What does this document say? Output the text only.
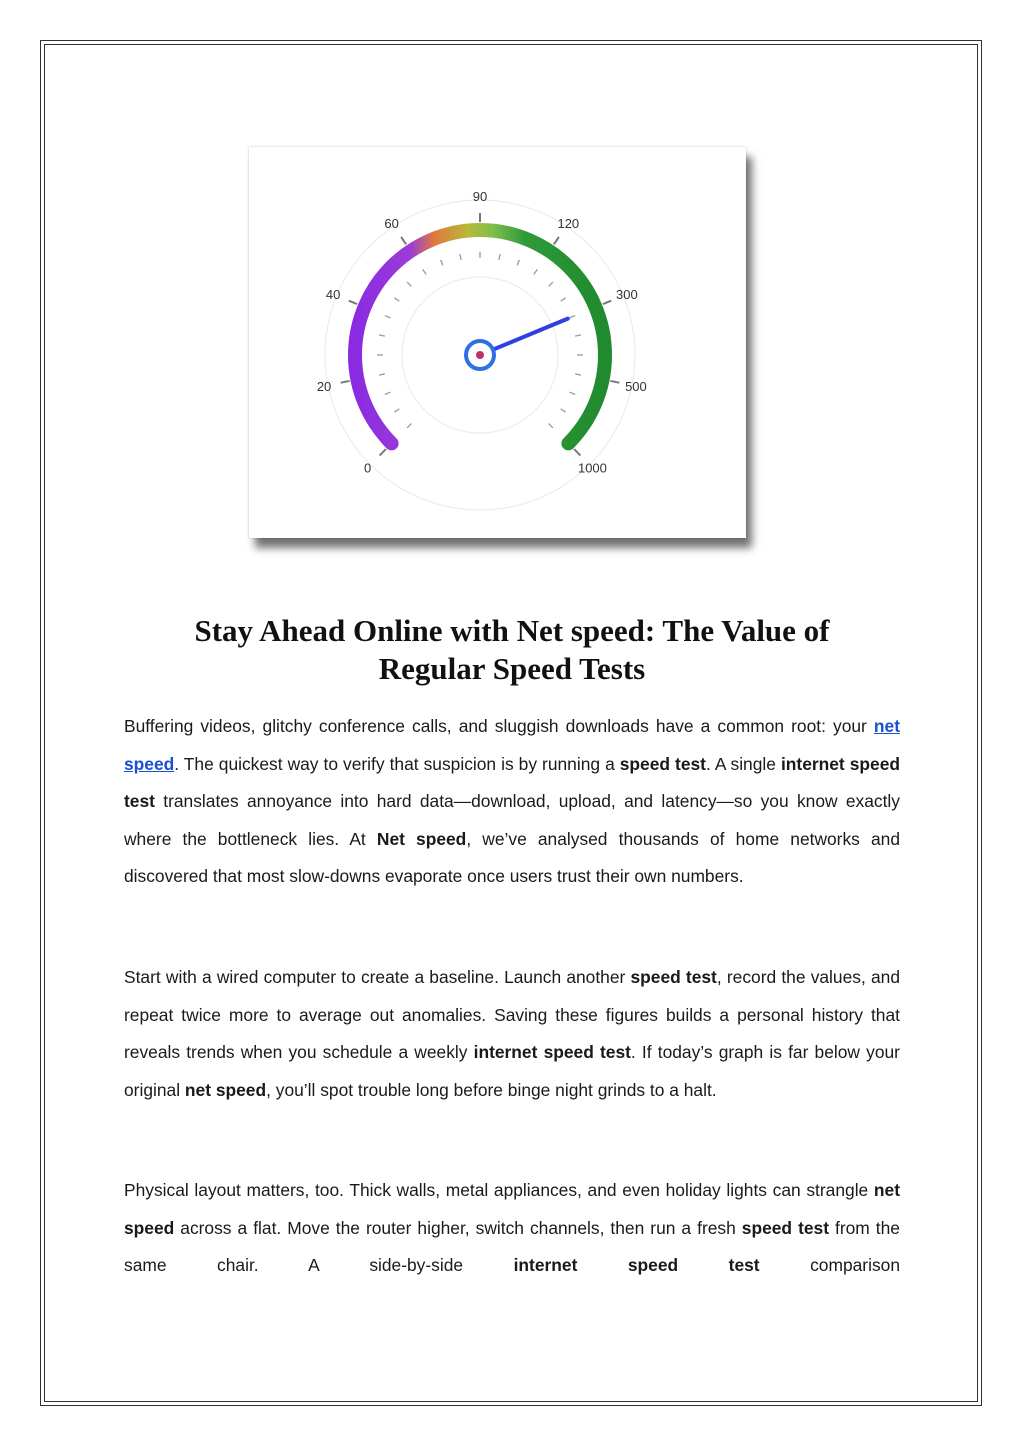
0
20
40
60
90
120
300
500
1000
Stay Ahead Online with Net speed: The Value of
Regular Speed Tests

Buffering videos, glitchy conference calls, and sluggish downloads have a common root: your net speed. The quickest way to verify that suspicion is by running a speed test. A single internet speed test translates annoyance into hard data—download, upload, and latency—so you know exactly where the bottleneck lies. At Net speed, we’ve analysed thousands of home networks and discovered that most slow-downs evaporate once users trust their own numbers.

Start with a wired computer to create a baseline. Launch another speed test, record the values, and repeat twice more to average out anomalies. Saving these figures builds a personal history that reveals trends when you schedule a weekly internet speed test. If today’s graph is far below your original net speed, you’ll spot trouble long before binge night grinds to a halt.

Physical layout matters, too. Thick walls, metal appliances, and even holiday lights can strangle net speed across a flat. Move the router higher, switch channels, then run a fresh speed test from the same chair. A side-by-side internet speed test comparison
